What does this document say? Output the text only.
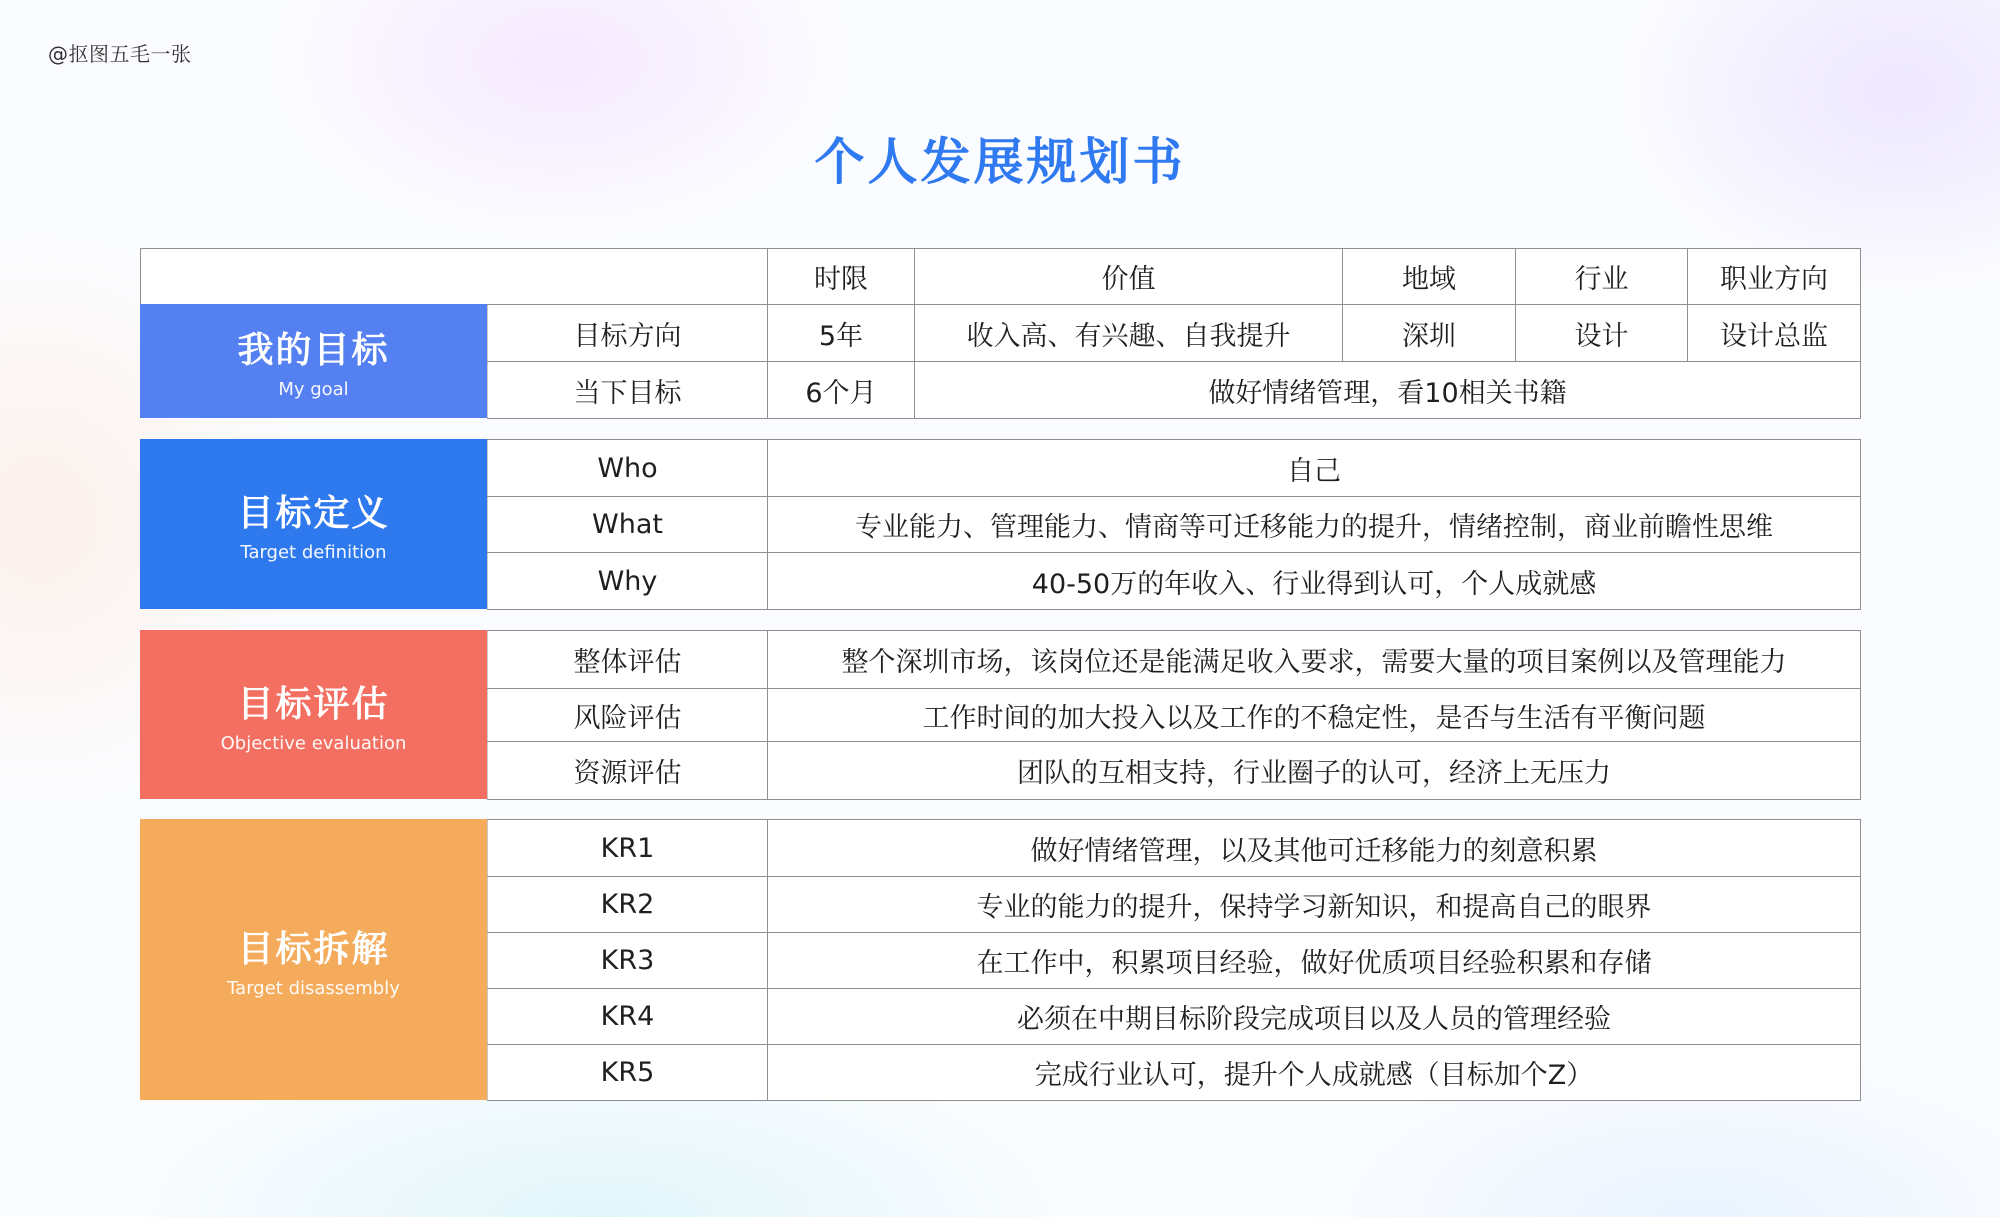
@抠图五毛一张
个人发展规划书
		时限	价值	地域	行业	职业方向
	目标方向	5年	收入高、有兴趣、自我提升	深圳	设计	设计总监
	当下目标	6个月	做好情绪管理，看10相关书籍			
我的目标
My goal
目标定义
Target definition
Who	自己
What	专业能力、管理能力、情商等可迁移能力的提升，情绪控制，商业前瞻性思维
Why	40-50万的年收入、行业得到认可，个人成就感
目标评估
Objective evaluation
整体评估	整个深圳市场，该岗位还是能满足收入要求，需要大量的项目案例以及管理能力
风险评估	工作时间的加大投入以及工作的不稳定性，是否与生活有平衡问题
资源评估	团队的互相支持，行业圈子的认可，经济上无压力
目标拆解
Target disassembly
KR1	做好情绪管理，以及其他可迁移能力的刻意积累
KR2	专业的能力的提升，保持学习新知识，和提高自己的眼界
KR3	在工作中，积累项目经验，做好优质项目经验积累和存储
KR4	必须在中期目标阶段完成项目以及人员的管理经验
KR5	完成行业认可，提升个人成就感（目标加个Z）
